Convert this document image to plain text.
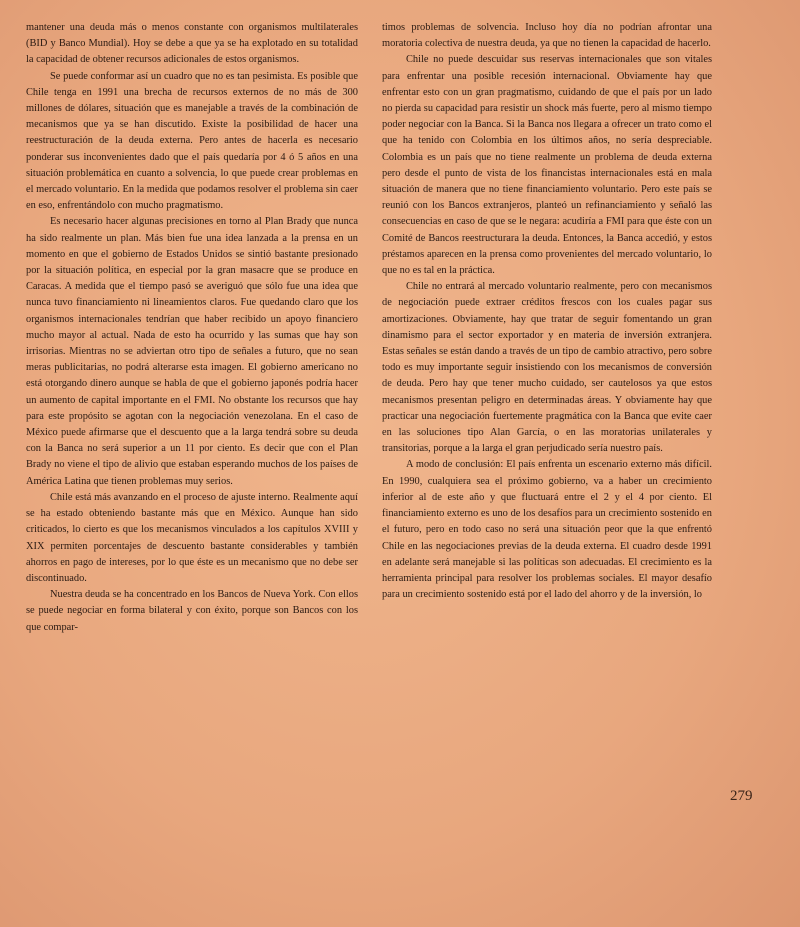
mantener una deuda más o menos constante con organismos multilaterales (BID y Banco Mundial). Hoy se debe a que ya se ha explotado en su totalidad la capacidad de obtener recursos adicionales de estos organismos.

Se puede conformar así un cuadro que no es tan pesimista. Es posible que Chile tenga en 1991 una brecha de recursos externos de no más de 300 millones de dólares, situación que es manejable a través de la combinación de mecanismos que ya se han discutido. Existe la posibilidad de hacer una reestructuración de la deuda externa. Pero antes de hacerla es necesario ponderar sus inconvenientes dado que el país quedaría por 4 ó 5 años en una situación problemática en cuanto a solvencia, lo que puede crear problemas en el mercado voluntario. En la medida que podamos resolver el problema sin caer en eso, enfrentándolo con mucho pragmatismo.

Es necesario hacer algunas precisiones en torno al Plan Brady que nunca ha sido realmente un plan. Más bien fue una idea lanzada a la prensa en un momento en que el gobierno de Estados Unidos se sintió bastante presionado por la situación política, en especial por la gran masacre que se produce en Caracas. A medida que el tiempo pasó se averiguó que sólo fue una idea que nunca tuvo financiamiento ni lineamientos claros. Fue quedando claro que los organismos internacionales tendrían que haber recibido un apoyo financiero mucho mayor al actual. Nada de esto ha ocurrido y las sumas que hay son irrisorias. Mientras no se adviertan otro tipo de señales a futuro, que no sean meras publicitarias, no podrá alterarse esta imagen. El gobierno americano no está otorgando dinero aunque se habla de que el gobierno japonés podría hacer un aumento de capital importante en el FMI. No obstante los recursos que hay para este propósito se agotan con la negociación venezolana. En el caso de México puede afirmarse que el descuento que a la larga tendrá sobre su deuda con la Banca no será superior a un 11 por ciento. Es decir que con el Plan Brady no viene el tipo de alivio que estaban esperando muchos de los países de América Latina que tienen problemas muy serios.

Chile está más avanzando en el proceso de ajuste interno. Realmente aquí se ha estado obteniendo bastante más que en México. Aunque han sido criticados, lo cierto es que los mecanismos vinculados a los capítulos XVIII y XIX permiten porcentajes de descuento bastante considerables y también ahorros en pago de intereses, por lo que éste es un mecanismo que no debe ser discontinuado.

Nuestra deuda se ha concentrado en los Bancos de Nueva York. Con ellos se puede negociar en forma bilateral y con éxito, porque son Bancos con los que compar-

timos problemas de solvencia. Incluso hoy día no podrían afrontar una moratoria colectiva de nuestra deuda, ya que no tienen la capacidad de hacerlo.

Chile no puede descuidar sus reservas internacionales que son vitales para enfrentar una posible recesión internacional. Obviamente hay que enfrentar esto con un gran pragmatismo, cuidando de que el país por un lado no pierda su capacidad para resistir un shock más fuerte, pero al mismo tiempo poder negociar con la Banca. Si la Banca nos llegara a ofrecer un trato como el que ha tenido con Colombia en los últimos años, no sería despreciable. Colombia es un país que no tiene realmente un problema de deuda externa pero desde el punto de vista de los financistas internacionales está en mala situación de manera que no tiene financiamiento voluntario. Pero este país se reunió con los Bancos extranjeros, planteó un refinanciamiento y señaló las consecuencias en caso de que se le negara: acudiría a FMI para que éste con un Comité de Bancos reestructurara la deuda. Entonces, la Banca accedió, y estos préstamos aparecen en la prensa como provenientes del mercado voluntario, lo que no es tal en la práctica.

Chile no entrará al mercado voluntario realmente, pero con mecanismos de negociación puede extraer créditos frescos con los cuales pagar sus amortizaciones. Obviamente, hay que tratar de seguir fomentando un gran dinamismo para el sector exportador y en materia de inversión extranjera. Estas señales se están dando a través de un tipo de cambio atractivo, pero sobre todo es muy importante seguir insistiendo con los mecanismos de conversión de deuda. Pero hay que tener mucho cuidado, ser cautelosos ya que estos mecanismos presentan peligro en determinadas áreas. Y obviamente hay que practicar una negociación fuertemente pragmática con la Banca que evite caer en las soluciones tipo Alan García, o en las moratorias unilaterales y transitorias, porque a la larga el gran perjudicado sería nuestro país.

A modo de conclusión: El país enfrenta un escenario externo más difícil. En 1990, cualquiera sea el próximo gobierno, va a haber un crecimiento inferior al de este año y que fluctuará entre el 2 y el 4 por ciento. El financiamiento externo es uno de los desafíos para un crecimiento sostenido en el futuro, pero en todo caso no será una situación peor que la que enfrentó Chile en las negociaciones previas de la deuda externa. El cuadro desde 1991 en adelante será manejable si las políticas son adecuadas. El crecimiento es la herramienta principal para resolver los problemas sociales. El mayor desafío para un crecimiento sostenido está por el lado del ahorro y de la inversión, lo

279
